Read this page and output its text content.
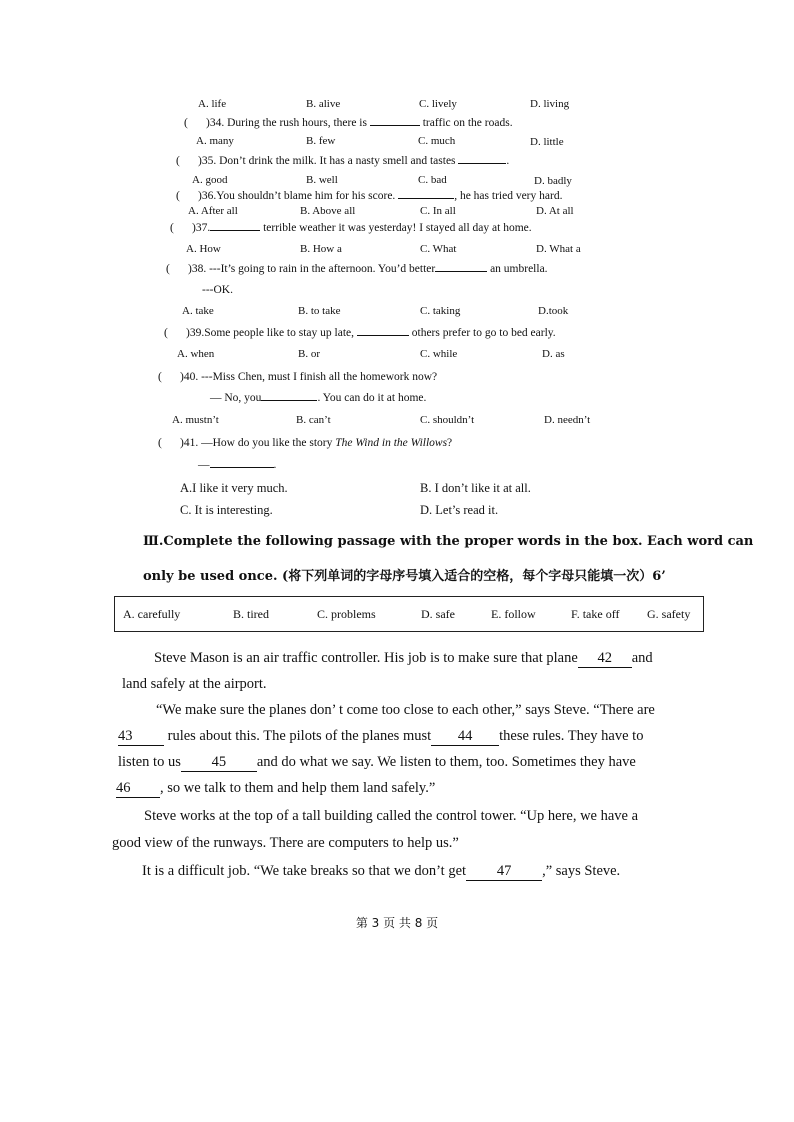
A. life	B. alive	C. lively	D. living
( )34. During the rush hours, there is	traffic on the roads.
A. many	B. few	C. much	D. little
( )35. Don’t drink the milk. It has a nasty smell and tastes	.
A. good	B. well	C. bad	D. badly
( )36.You shouldn’t blame him for his score.	, he has tried very hard.
A. After all	B. Above all	C. In all	D. At all
( )37.	terrible weather it was yesterday! I stayed all day at home.
A. How	B. How a	C. What	D. What a
( )38. ---It’s going to rain in the afternoon. You’d better	an umbrella.
---OK.
A. take	B. to take	C. taking	D.took
( )39.Some people like to stay up late,	others prefer to go to bed early.
A. when	B. or	C. while	D. as
( )40. ---Miss Chen, must I finish all the homework now?
— No, you	. You can do it at home.
A. mustn’t	B. can’t	C. shouldn’t	D. needn’t
( )41. —How do you like the story The Wind in the Willows?
—	.
A.I like it very much.	B. I don’t like it at all.
C. It is interesting.	D. Let’s read it.
Ⅲ.Complete the following passage with the proper words in the box. Each word can
only be used once. (将下列单词的字母序号填入适合的空格，每个字母只能填一次）6’
A. carefully	B. tired	C. problems	D. safe	E. follow	F. take off G. safety
Steve Mason is an air traffic controller. His job is to make sure that plane 42 and
land safely at the airport.
“We make sure the planes don’ t come too close to each other,” says Steve. “There are
43 rules about this. The pilots of the planes must 44 these rules. They have to
listen to us 45 and do what we say. We listen to them, too. Sometimes they have
46 , so we talk to them and help them land safely.”
Steve works at the top of a tall building called the control tower. “Up here, we have a
good view of the runways. There are computers to help us.”
It is a difficult job. “We take breaks so that we don’t get 47 ,” says Steve.
第 3 页 共 8 页
